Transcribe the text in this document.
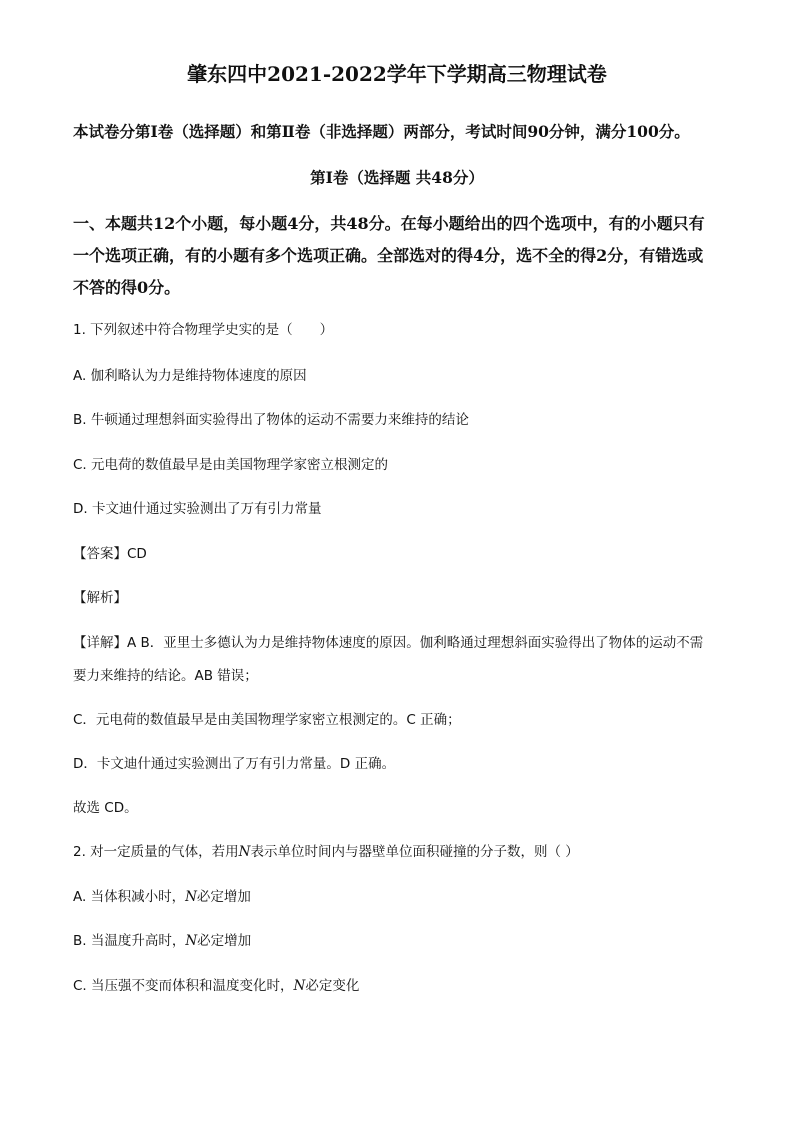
肇东四中2021-2022学年下学期高三物理试卷
本试卷分第Ⅰ卷（选择题）和第Ⅱ卷（非选择题）两部分，考试时间90分钟，满分100分。
第Ⅰ卷（选择题 共48分）
一、本题共12个小题，每小题4分，共48分。在每小题给出的四个选项中，有的小题只有
一个选项正确，有的小题有多个选项正确。全部选对的得4分，选不全的得2分，有错选或
不答的得0分。
1. 下列叙述中符合物理学史实的是（　　）
A. 伽利略认为力是维持物体速度的原因
B. 牛顿通过理想斜面实验得出了物体的运动不需要力来维持的结论
C. 元电荷的数值最早是由美国物理学家密立根测定的
D. 卡文迪什通过实验测出了万有引力常量
【答案】CD
【解析】
【详解】A B．亚里士多德认为力是维持物体速度的原因。伽利略通过理想斜面实验得出了物体的运动不需
要力来维持的结论。AB 错误；
C．元电荷的数值最早是由美国物理学家密立根测定的。C 正确；
D．卡文迪什通过实验测出了万有引力常量。D 正确。
故选 CD。
2. 对一定质量的气体，若用N表示单位时间内与器壁单位面积碰撞的分子数，则（ ）
A. 当体积减小时，N必定增加
B. 当温度升高时，N必定增加
C. 当压强不变而体积和温度变化时，N必定变化
